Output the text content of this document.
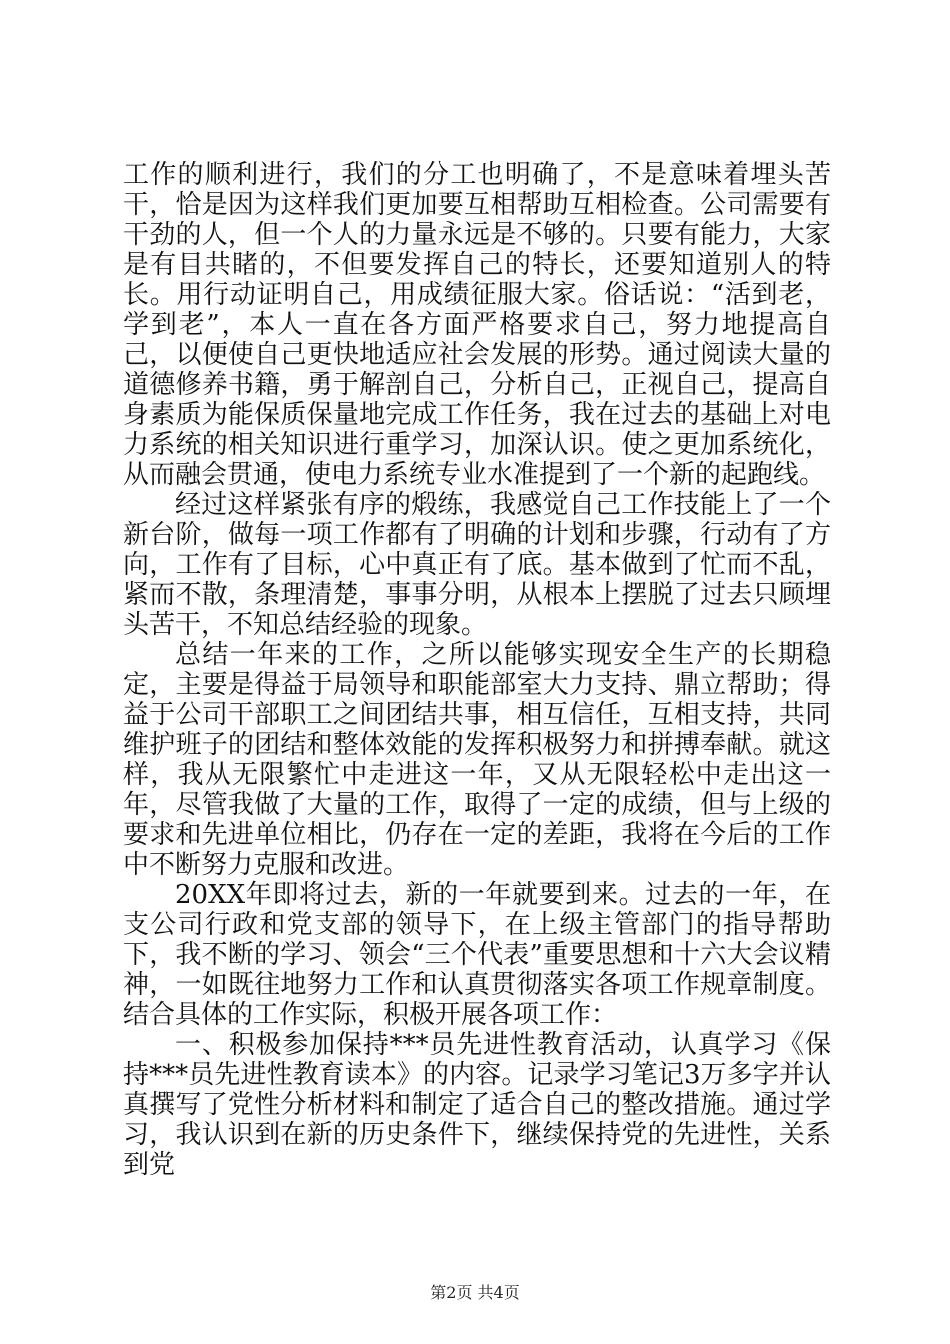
工作的顺利进行，我们的分工也明确了，不是意味着埋头苦干，恰是因为这样我们更加要互相帮助互相检查。公司需要有干劲的人，但一个人的力量永远是不够的。只要有能力，大家是有目共睹的，不但要发挥自己的特长，还要知道别人的特长。用行动证明自己，用成绩征服大家。俗话说：“活到老，学到老”，本人一直在各方面严格要求自己，努力地提高自己，以便使自己更快地适应社会发展的形势。通过阅读大量的道德修养书籍，勇于解剖自己，分析自己，正视自己，提高自身素质为能保质保量地完成工作任务，我在过去的基础上对电力系统的相关知识进行重学习，加深认识。使之更加系统化，从而融会贯通，使电力系统专业水准提到了一个新的起跑线。

经过这样紧张有序的煅练，我感觉自己工作技能上了一个新台阶，做每一项工作都有了明确的计划和步骤，行动有了方向，工作有了目标，心中真正有了底。基本做到了忙而不乱，紧而不散，条理清楚，事事分明，从根本上摆脱了过去只顾埋头苦干，不知总结经验的现象。

总结一年来的工作，之所以能够实现安全生产的长期稳定，主要是得益于局领导和职能部室大力支持、鼎立帮助；得益于公司干部职工之间团结共事，相互信任，互相支持，共同维护班子的团结和整体效能的发挥积极努力和拼搏奉献。就这样，我从无限繁忙中走进这一年，又从无限轻松中走出这一年，尽管我做了大量的工作，取得了一定的成绩，但与上级的要求和先进单位相比，仍存在一定的差距，我将在今后的工作中不断努力克服和改进。

20XX年即将过去，新的一年就要到来。过去的一年，在支公司行政和党支部的领导下，在上级主管部门的指导帮助下，我不断的学习、领会“三个代表”重要思想和十六大会议精神，一如既往地努力工作和认真贯彻落实各项工作规章制度。结合具体的工作实际，积极开展各项工作：

一、积极参加保持***员先进性教育活动，认真学习《保持***员先进性教育读本》的内容。记录学习笔记3万多字并认真撰写了党性分析材料和制定了适合自己的整改措施。通过学习，我认识到在新的历史条件下，继续保持党的先进性，关系到党

第2页 共4页
